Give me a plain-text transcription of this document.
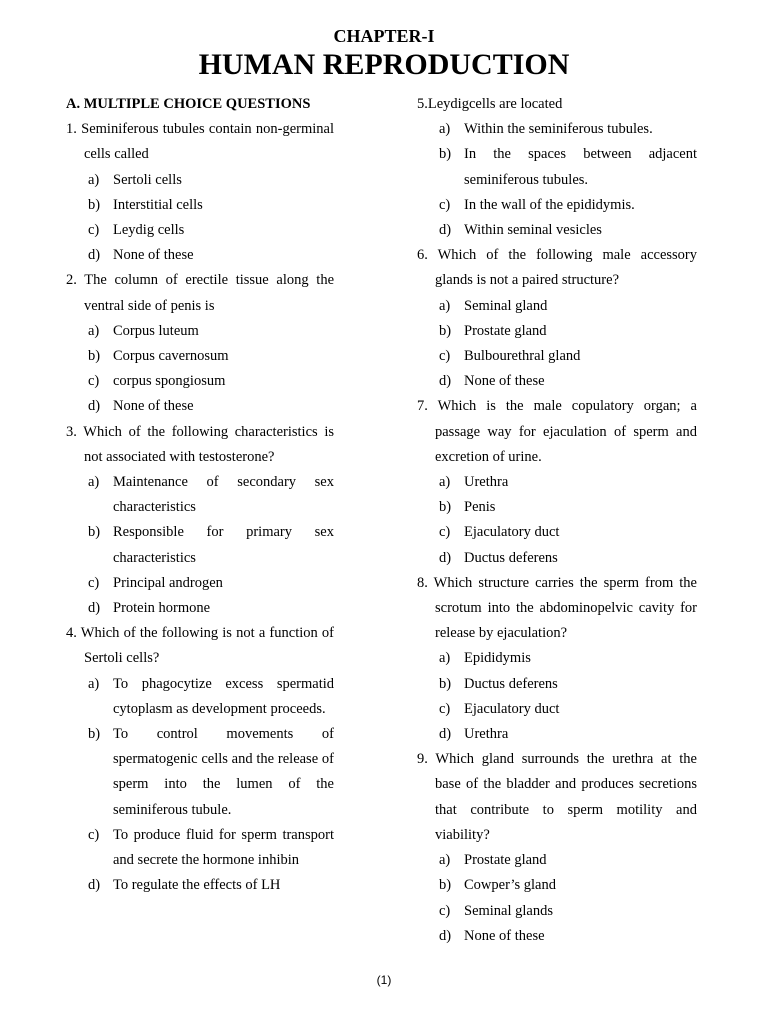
CHAPTER-I
HUMAN REPRODUCTION
A. MULTIPLE CHOICE QUESTIONS
1. Seminiferous tubules contain non-germinal cells called
a) Sertoli cells
b) Interstitial cells
c) Leydig cells
d) None of these
2. The column of erectile tissue along the ventral side of penis is
a) Corpus luteum
b) Corpus cavernosum
c) corpus spongiosum
d) None of these
3. Which of the following characteristics is not associated with testosterone?
a) Maintenance of secondary sex characteristics
b) Responsible for primary sex characteristics
c) Principal androgen
d) Protein hormone
4. Which of the following is not a function of Sertoli cells?
a) To phagocytize excess spermatid cytoplasm as development proceeds.
b) To control movements of spermatogenic cells and the release of sperm into the lumen of the seminiferous tubule.
c) To produce fluid for sperm transport and secrete the hormone inhibin
d) To regulate the effects of LH
5.Leydigcells are located
a) Within the seminiferous tubules.
b) In the spaces between adjacent seminiferous tubules.
c) In the wall of the epididymis.
d) Within seminal vesicles
6. Which of the following male accessory glands is not a paired structure?
a) Seminal gland
b) Prostate gland
c) Bulbourethral gland
d) None of these
7. Which is the male copulatory organ; a passage way for ejaculation of sperm and excretion of urine.
a) Urethra
b) Penis
c) Ejaculatory duct
d) Ductus deferens
8. Which structure carries the sperm from the scrotum into the abdominopelvic cavity for release by ejaculation?
a) Epididymis
b) Ductus deferens
c) Ejaculatory duct
d) Urethra
9. Which gland surrounds the urethra at the base of the bladder and produces secretions that contribute to sperm motility and viability?
a) Prostate gland
b) Cowper’s gland
c) Seminal glands
d) None of these
(1)
